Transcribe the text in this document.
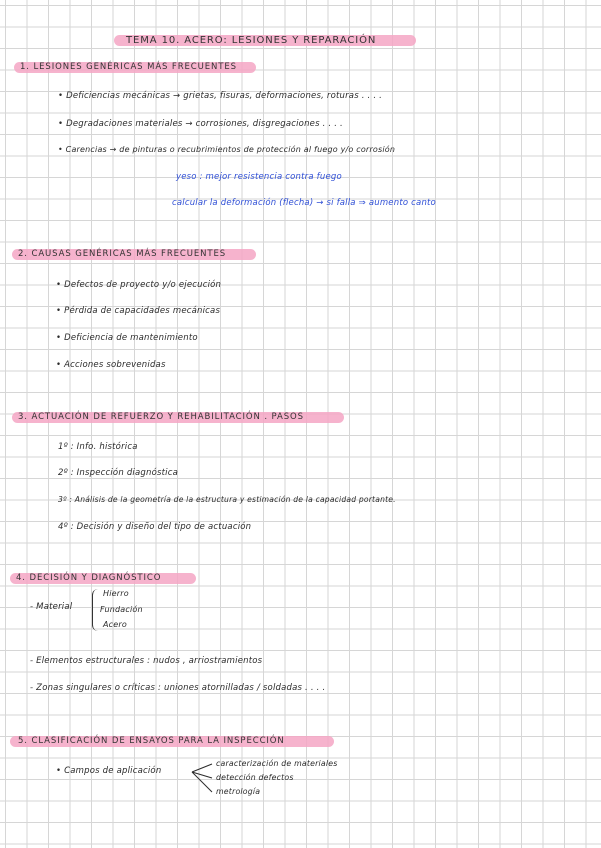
TEMA 10. ACERO: LESIONES Y REPARACIÓN
1. LESIONES GENÉRICAS MÁS FRECUENTES
• Deficiencias mecánicas → grietas, fisuras, deformaciones, roturas . . . .
• Degradaciones materiales → corrosiones, disgregaciones . . . .
• Carencias → de pinturas o recubrimientos de protección al fuego y/o corrosión
yeso : mejor resistencia contra fuego
calcular la deformación (flecha) → si falla ⇒ aumento canto
2. CAUSAS GENÉRICAS MÁS FRECUENTES
• Defectos de proyecto y/o ejecución
• Pérdida de capacidades mecánicas
• Deficiencia de mantenimiento
• Acciones sobrevenidas
3. ACTUACIÓN DE REFUERZO Y REHABILITACIÓN . PASOS
1º : Info. histórica
2º : Inspección diagnóstica
3º : Análisis de la geometría de la estructura y estimación de la capacidad portante.
4º : Decisión y diseño del tipo de actuación
4. DECISIÓN Y DIAGNÓSTICO
- Material
Hierro
Fundación
Acero
- Elementos estructurales : nudos , arriostramientos
- Zonas singulares o críticas : uniones atornilladas / soldadas . . . .
5. CLASIFICACIÓN DE ENSAYOS PARA LA INSPECCIÓN
• Campos de aplicación
caracterización de materiales
detección defectos
metrología
